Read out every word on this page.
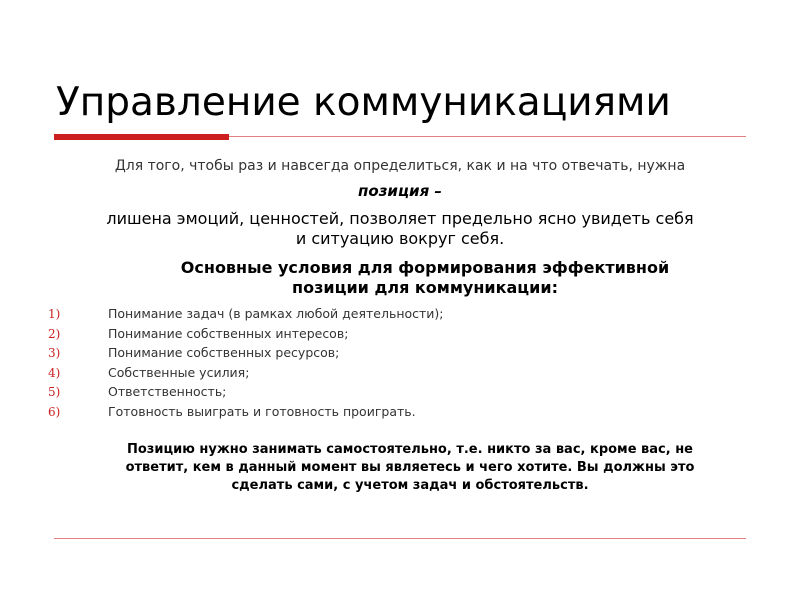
Управление коммуникациями
Для того, чтобы раз и навсегда определиться, как и на что отвечать, нужна
позиция –
лишена эмоций, ценностей, позволяет предельно ясно увидеть себя
и ситуацию вокруг себя.
Основные условия для формирования эффективной
позиции для коммуникации:
1)	Понимание задач (в рамках любой деятельности);
2)	Понимание собственных интересов;
3)	Понимание собственных ресурсов;
4)	Собственные усилия;
5)	Ответственность;
6)	Готовность выиграть и готовность проиграть.
Позицию нужно занимать самостоятельно, т.е. никто за вас, кроме вас, не
ответит, кем в данный момент вы являетесь и чего хотите. Вы должны это
сделать сами, с учетом задач и обстоятельств.
